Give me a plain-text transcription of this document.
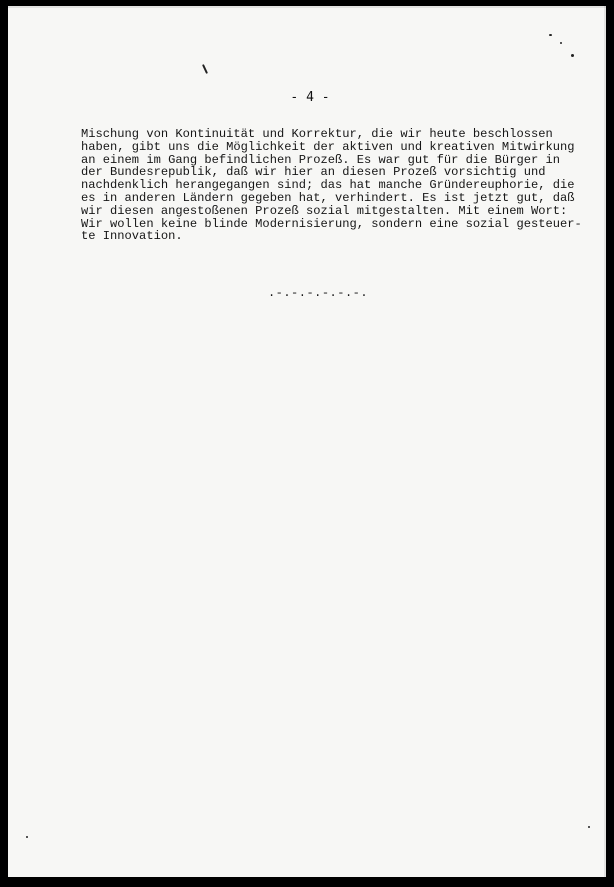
- 4 -

Mischung von Kontinuität und Korrektur, die wir heute beschlossen
haben, gibt uns die Möglichkeit der aktiven und kreativen Mitwirkung
an einem im Gang befindlichen Prozeß. Es war gut für die Bürger in
der Bundesrepublik, daß wir hier an diesen Prozeß vorsichtig und
nachdenklich herangegangen sind; das hat manche Gründereuphorie, die
es in anderen Ländern gegeben hat, verhindert. Es ist jetzt gut, daß
wir diesen angestoßenen Prozeß sozial mitgestalten. Mit einem Wort:
Wir wollen keine blinde Modernisierung, sondern eine sozial gesteuer-
te Innovation.

.-.-.-.-.-.-.
